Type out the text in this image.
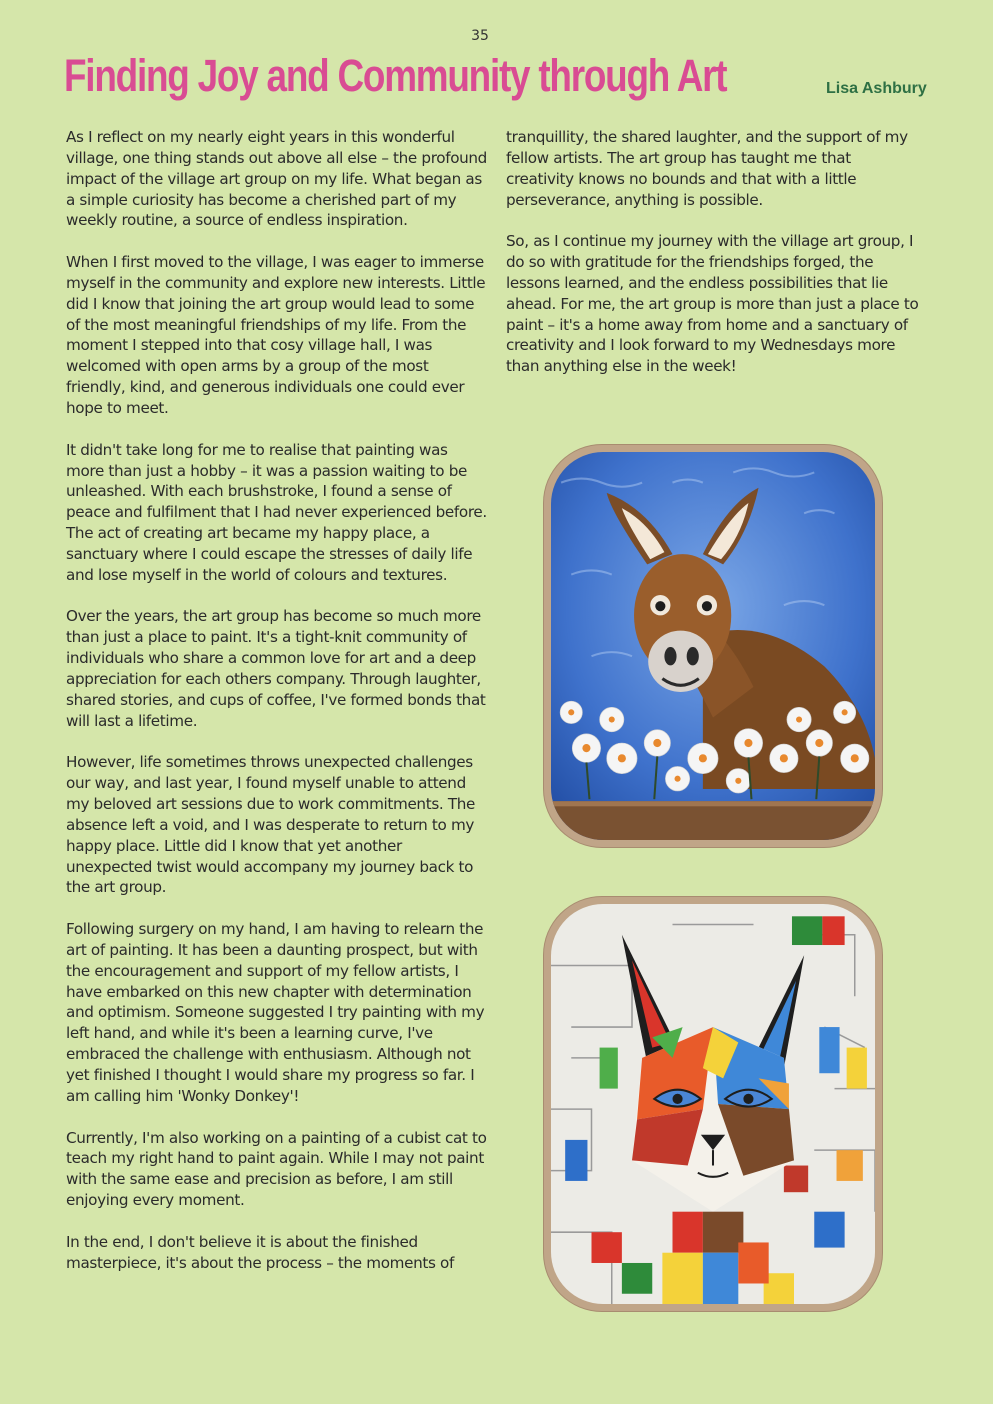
35
Finding Joy and Community through Art	Lisa Ashbury

As I reflect on my nearly eight years in this wonderful village, one thing stands out above all else – the profound impact of the village art group on my life. What began as a simple curiosity has become a cherished part of my weekly routine, a source of endless inspiration.

When I first moved to the village, I was eager to immerse myself in the community and explore new interests. Little did I know that joining the art group would lead to some of the most meaningful friendships of my life. From the moment I stepped into that cosy village hall, I was welcomed with open arms by a group of the most friendly, kind, and generous individuals one could ever hope to meet.

It didn't take long for me to realise that painting was more than just a hobby – it was a passion waiting to be unleashed. With each brushstroke, I found a sense of peace and fulfilment that I had never experienced before. The act of creating art became my happy place, a sanctuary where I could escape the stresses of daily life and lose myself in the world of colours and textures.

Over the years, the art group has become so much more than just a place to paint. It's a tight-knit community of individuals who share a common love for art and a deep appreciation for each others company. Through laughter, shared stories, and cups of coffee, I've formed bonds that will last a lifetime.

However, life sometimes throws unexpected challenges our way, and last year, I found myself unable to attend my beloved art sessions due to work commitments. The absence left a void, and I was desperate to return to my happy place. Little did I know that yet another unexpected twist would accompany my journey back to the art group.

Following surgery on my hand, I am having to relearn the art of painting. It has been a daunting prospect, but with the encouragement and support of my fellow artists, I have embarked on this new chapter with determination and optimism. Someone suggested I try painting with my left hand, and while it's been a learning curve, I've embraced the challenge with enthusiasm. Although not yet finished I thought I would share my progress so far. I am calling him 'Wonky Donkey'!

Currently, I'm also working on a painting of a cubist cat to teach my right hand to paint again. While I may not paint with the same ease and precision as before, I am still enjoying every moment.

In the end, I don't believe it is about the finished masterpiece, it's about the process – the moments of

tranquillity, the shared laughter, and the support of my fellow artists. The art group has taught me that creativity knows no bounds and that with a little perseverance, anything is possible.

So, as I continue my journey with the village art group, I do so with gratitude for the friendships forged, the lessons learned, and the endless possibilities that lie ahead. For me, the art group is more than just a place to paint – it's a home away from home and a sanctuary of creativity and I look forward to my Wednesdays more than anything else in the week!
